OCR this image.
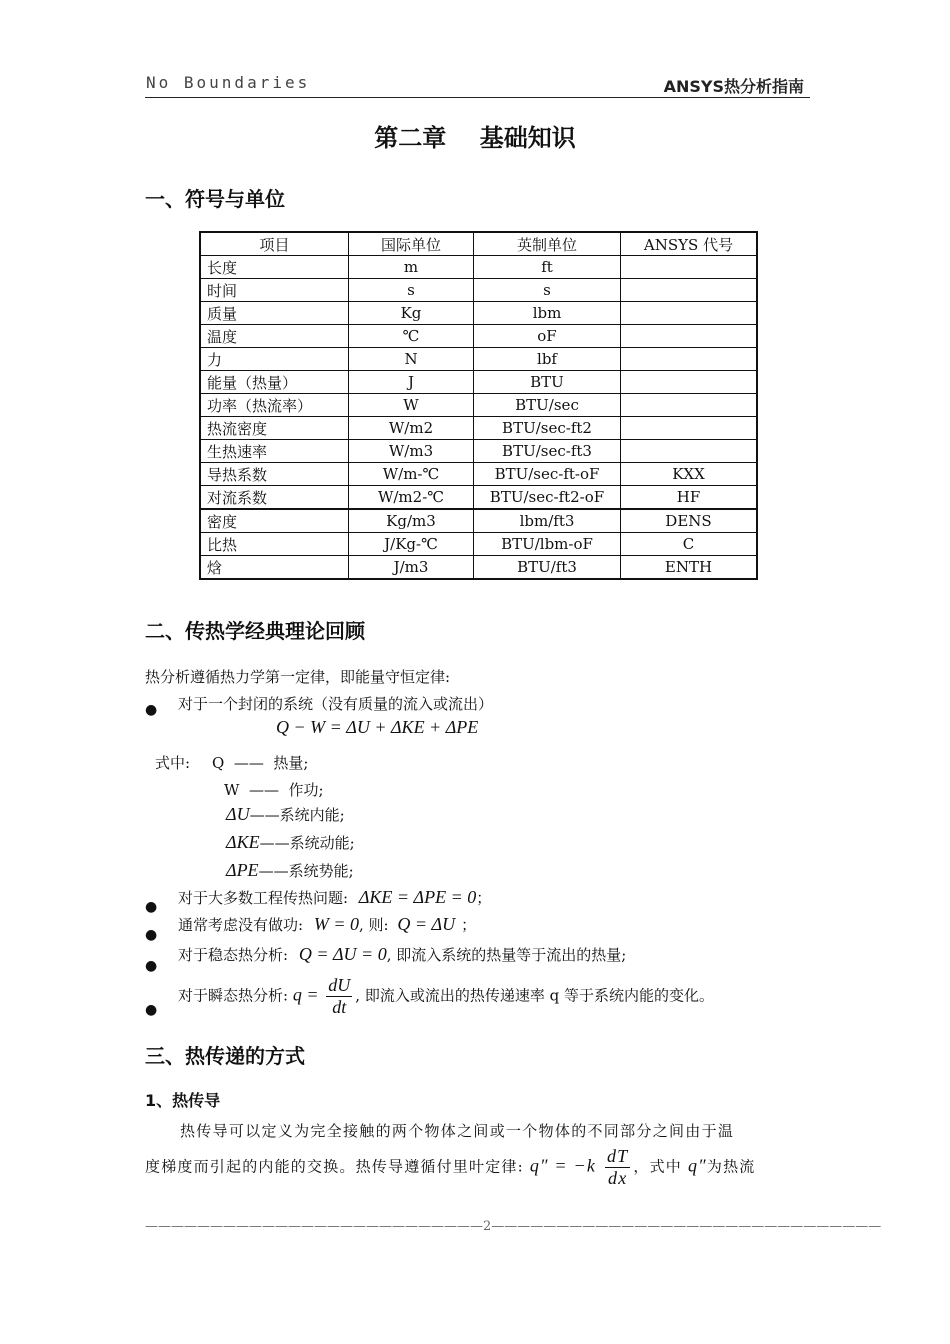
No Boundaries	ANSYS热分析指南
第二章    基础知识
一、符号与单位
项目	国际单位	英制单位	ANSYS 代号
长度	m	ft	
时间	s	s	
质量	Kg	lbm	
温度	℃	oF	
力	N	lbf	
能量（热量）	J	BTU	
功率（热流率）	W	BTU/sec	
热流密度	W/m2	BTU/sec-ft2	
生热速率	W/m3	BTU/sec-ft3	
导热系数	W/m-℃	BTU/sec-ft-oF	KXX
对流系数	W/m2-℃	BTU/sec-ft2-oF	HF
密度	Kg/m3	lbm/ft3	DENS
比热	J/Kg-℃	BTU/lbm-oF	C
焓	J/m3	BTU/ft3	ENTH
二、传热学经典理论回顾
热分析遵循热力学第一定律，即能量守恒定律:
● 对于一个封闭的系统（没有质量的流入或流出）
Q − W = ΔU + ΔKE + ΔPE
式中: Q  ——  热量;
W  ——  作功;
ΔU——系统内能;
ΔKE——系统动能;
ΔPE——系统势能;
● 对于大多数工程传热问题: ΔKE = ΔPE = 0；
●
通常考虑没有做功: W = 0, 则: Q = ΔU ；
●
对于稳态热分析: Q = ΔU = 0, 即流入系统的热量等于流出的热量;
●
对于瞬态热分析: $q = \frac{dU}{dt}$ , 即流入或流出的热传递速率 q 等于系统内能的变化。
三、热传递的方式
1、热传导
热传导可以定义为完全接触的两个物体之间或一个物体的不同部分之间由于温
度梯度而引起的内能的交换。热传导遵循付里叶定律: $q'' = -k \frac{dT}{dx}$ ，式中 q″为热流
——————————————————————————2——————————————————————————————
